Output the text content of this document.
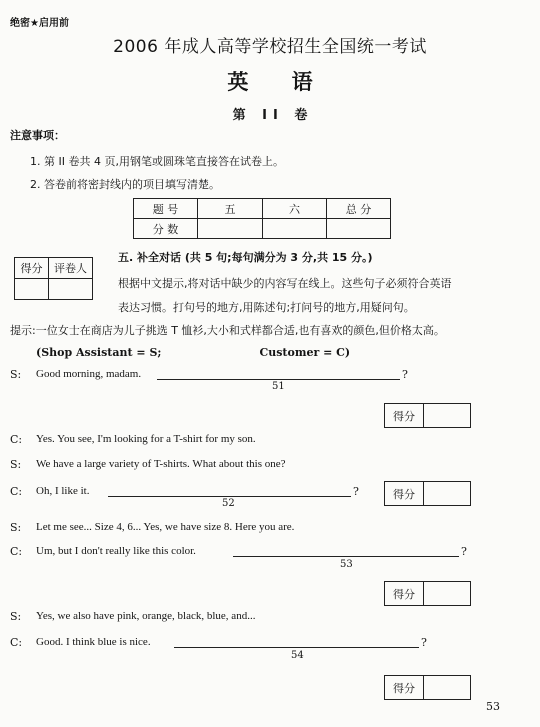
绝密★启用前
2006 年成人高等学校招生全国统一考试
英 语
第 II 卷
注意事项：
1. 第 II 卷共 4 页,用钢笔或圆珠笔直接答在试卷上。
2. 答卷前将密封线内的项目填写清楚。
题 号	五	六	总 分
分 数			
得分	评卷人

五. 补全对话 (共 5 句;每句满分为 3 分,共 15 分。)
根据中文提示,将对话中缺少的内容写在线上。这些句子必须符合英语
表达习惯。打句号的地方,用陈述句;打问号的地方,用疑问句。
提示:一位女士在商店为儿子挑选 T 恤衫,大小和式样都合适,也有喜欢的颜色,但价格太高。
(Shop Assistant = S;	Customer = C)
S: Good morning, madam.	?
51
得分
C: Yes. You see, I'm looking for a T-shirt for my son.
S: We have a large variety of T-shirts. What about this one?
C: Oh, I like it.	?
52
得分
S: Let me see... Size 4, 6... Yes, we have size 8. Here you are.
C: Um, but I don't really like this color.	?
53
得分
S: Yes, we also have pink, orange, black, blue, and...
C: Good. I think blue is nice.	?
54
得分
53
